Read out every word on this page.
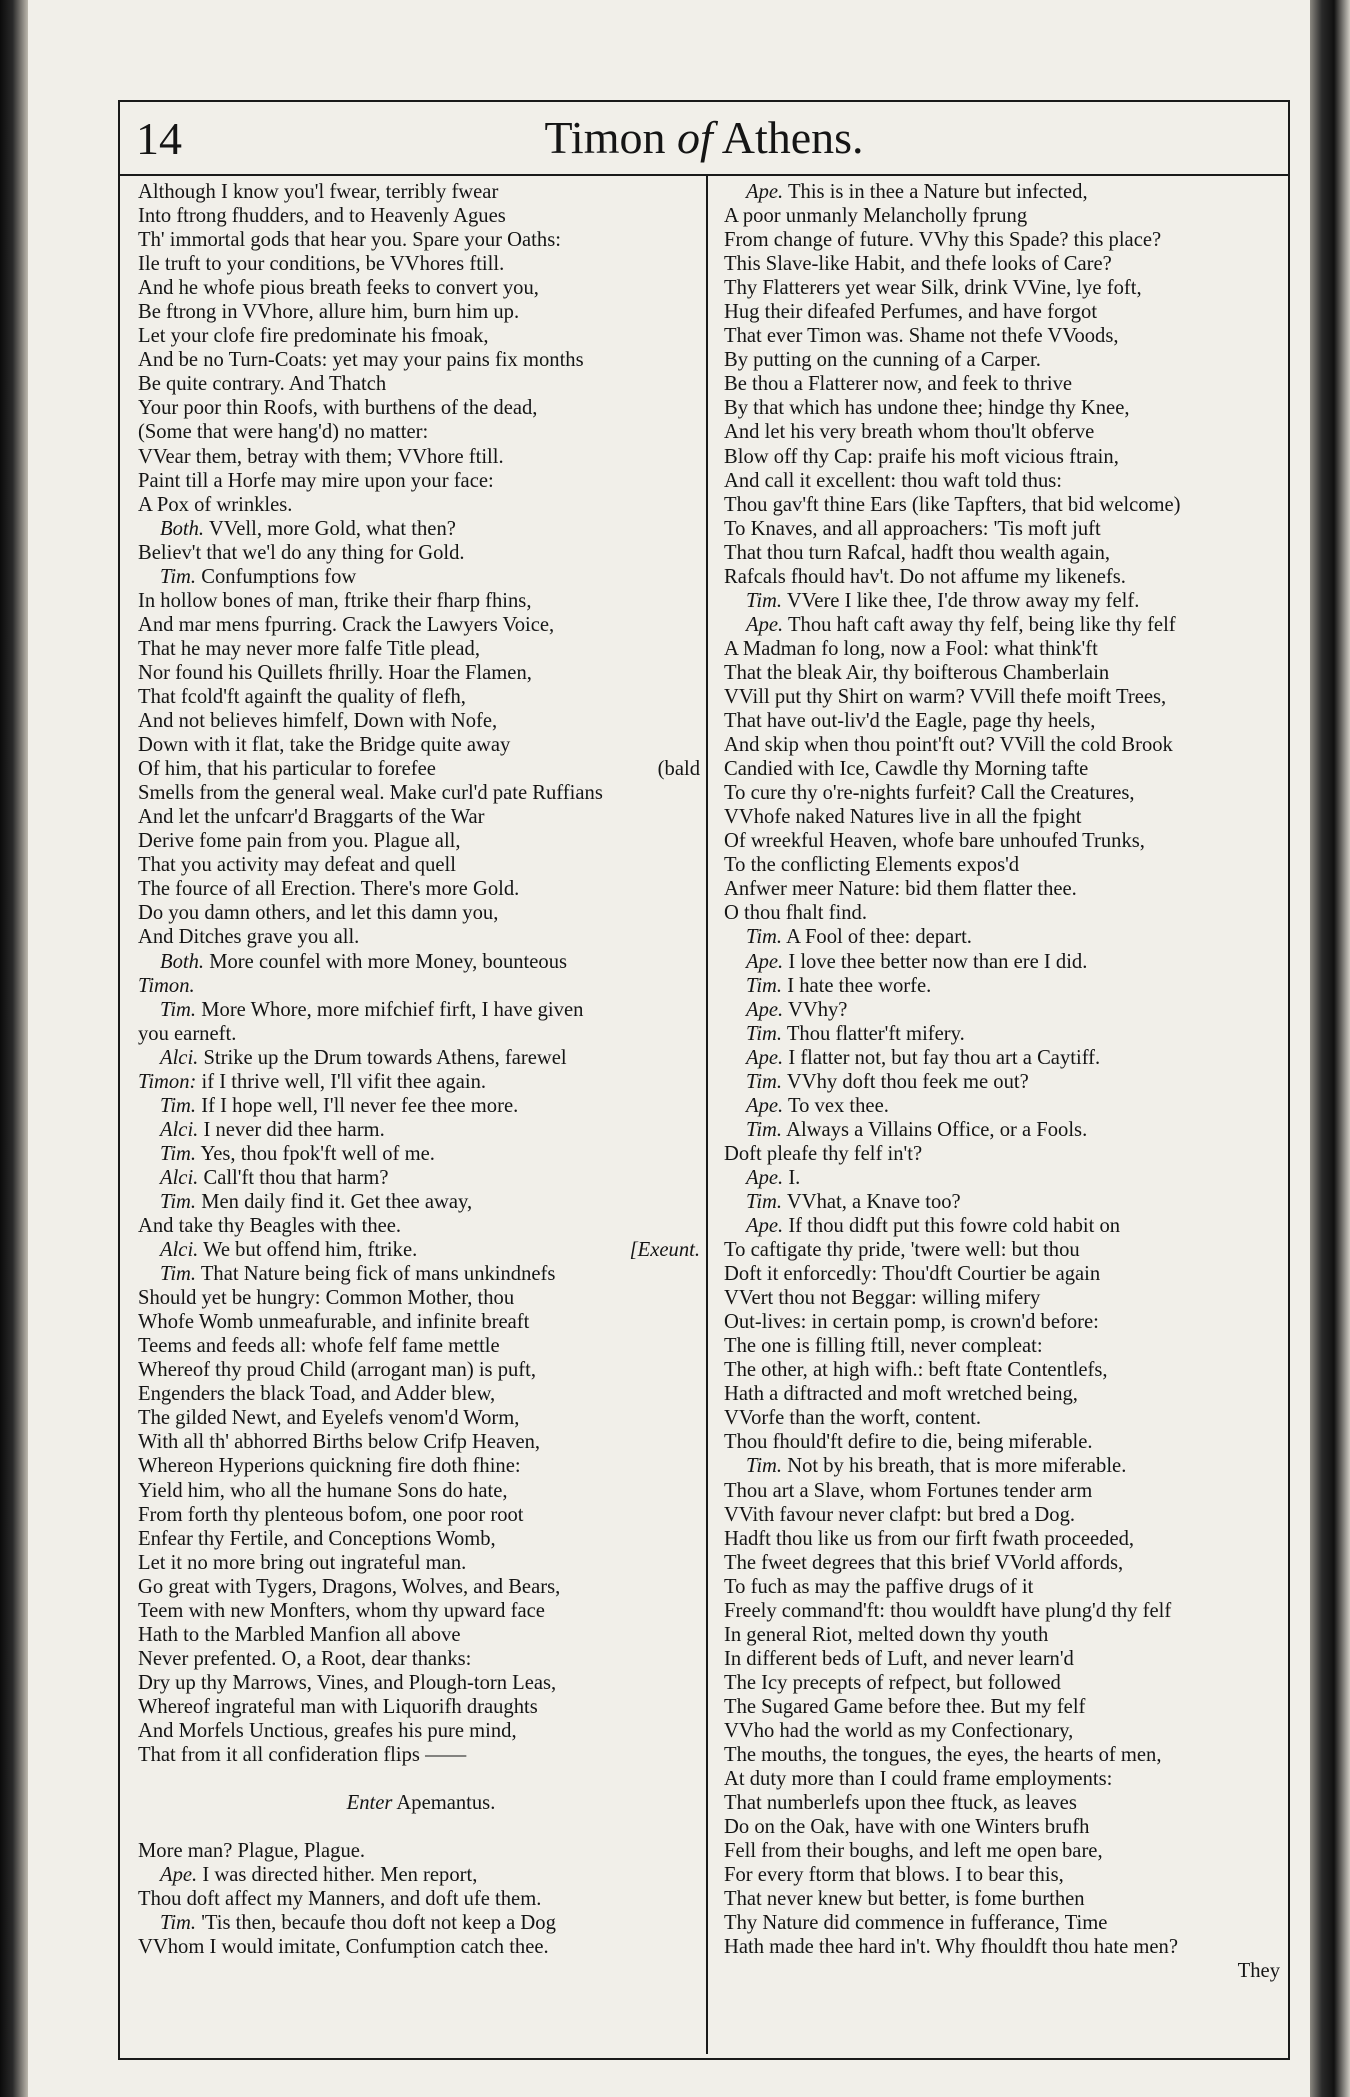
14	Timon of Athens.
Although I know you'l fwear, terribly fwear
Into ftrong fhudders, and to Heavenly Agues
Th' immortal gods that hear you. Spare your Oaths:
Ile truft to your conditions, be VVhores ftill.
And he whofe pious breath feeks to convert you,
Be ftrong in VVhore, allure him, burn him up.
Let your clofe fire predominate his fmoak,
And be no Turn-Coats: yet may your pains fix months
Be quite contrary. And Thatch
Your poor thin Roofs, with burthens of the dead,
(Some that were hang'd) no matter:
VVear them, betray with them; VVhore ftill.
Paint till a Horfe may mire upon your face:
A Pox of wrinkles.
Both. VVell, more Gold, what then?
Believ't that we'l do any thing for Gold.
Tim. Confumptions fow
In hollow bones of man, ftrike their fharp fhins,
And mar mens fpurring. Crack the Lawyers Voice,
That he may never more falfe Title plead,
Nor found his Quillets fhrilly. Hoar the Flamen,
That fcold'ft againft the quality of flefh,
And not believes himfelf, Down with Nofe,
Down with it flat, take the Bridge quite away
Of him, that his particular to forefee	(bald
Smells from the general weal. Make curl'd pate Ruffians
And let the unfcarr'd Braggarts of the War
Derive fome pain from you. Plague all,
That you activity may defeat and quell
The fource of all Erection. There's more Gold.
Do you damn others, and let this damn you,
And Ditches grave you all.
Both. More counfel with more Money, bounteous
Timon.
Tim. More Whore, more mifchief firft, I have given
you earneft.
Alci. Strike up the Drum towards Athens, farewel
Timon: if I thrive well, I'll vifit thee again.
Tim. If I hope well, I'll never fee thee more.
Alci. I never did thee harm.
Tim. Yes, thou fpok'ft well of me.
Alci. Call'ft thou that harm?
Tim. Men daily find it. Get thee away,
And take thy Beagles with thee.
Alci. We but offend him, ftrike.	[Exeunt.
Tim. That Nature being fick of mans unkindnefs
Should yet be hungry: Common Mother, thou
Whofe Womb unmeafurable, and infinite breaft
Teems and feeds all: whofe felf fame mettle
Whereof thy proud Child (arrogant man) is puft,
Engenders the black Toad, and Adder blew,
The gilded Newt, and Eyelefs venom'd Worm,
With all th' abhorred Births below Crifp Heaven,
Whereon Hyperions quickning fire doth fhine:
Yield him, who all the humane Sons do hate,
From forth thy plenteous bofom, one poor root
Enfear thy Fertile, and Conceptions Womb,
Let it no more bring out ingrateful man.
Go great with Tygers, Dragons, Wolves, and Bears,
Teem with new Monfters, whom thy upward face
Hath to the Marbled Manfion all above
Never prefented. O, a Root, dear thanks:
Dry up thy Marrows, Vines, and Plough-torn Leas,
Whereof ingrateful man with Liquorifh draughts
And Morfels Unctious, greafes his pure mind,
That from it all confideration flips ——
Enter Apemantus.
More man? Plague, Plague.
Ape. I was directed hither. Men report,
Thou doft affect my Manners, and doft ufe them.
Tim. 'Tis then, becaufe thou doft not keep a Dog
VVhom I would imitate, Confumption catch thee.
Ape. This is in thee a Nature but infected,
A poor unmanly Melancholly fprung
From change of future. VVhy this Spade? this place?
This Slave-like Habit, and thefe looks of Care?
Thy Flatterers yet wear Silk, drink VVine, lye foft,
Hug their difeafed Perfumes, and have forgot
That ever Timon was. Shame not thefe VVoods,
By putting on the cunning of a Carper.
Be thou a Flatterer now, and feek to thrive
By that which has undone thee; hindge thy Knee,
And let his very breath whom thou'lt obferve
Blow off thy Cap: praife his moft vicious ftrain,
And call it excellent: thou waft told thus:
Thou gav'ft thine Ears (like Tapfters, that bid welcome)
To Knaves, and all approachers: 'Tis moft juft
That thou turn Rafcal, hadft thou wealth again,
Rafcals fhould hav't. Do not affume my likenefs.
Tim. VVere I like thee, I'de throw away my felf.
Ape. Thou haft caft away thy felf, being like thy felf
A Madman fo long, now a Fool: what think'ft
That the bleak Air, thy boifterous Chamberlain
VVill put thy Shirt on warm? VVill thefe moift Trees,
That have out-liv'd the Eagle, page thy heels,
And skip when thou point'ft out? VVill the cold Brook
Candied with Ice, Cawdle thy Morning tafte
To cure thy o're-nights furfeit? Call the Creatures,
VVhofe naked Natures live in all the fpight
Of wreekful Heaven, whofe bare unhoufed Trunks,
To the conflicting Elements expos'd
Anfwer meer Nature: bid them flatter thee.
O thou fhalt find.
Tim. A Fool of thee: depart.
Ape. I love thee better now than ere I did.
Tim. I hate thee worfe.
Ape. VVhy?
Tim. Thou flatter'ft mifery.
Ape. I flatter not, but fay thou art a Caytiff.
Tim. VVhy doft thou feek me out?
Ape. To vex thee.
Tim. Always a Villains Office, or a Fools.
Doft pleafe thy felf in't?
Ape. I.
Tim. VVhat, a Knave too?
Ape. If thou didft put this fowre cold habit on
To caftigate thy pride, 'twere well: but thou
Doft it enforcedly: Thou'dft Courtier be again
VVert thou not Beggar: willing mifery
Out-lives: in certain pomp, is crown'd before:
The one is filling ftill, never compleat:
The other, at high wifh.: beft ftate Contentlefs,
Hath a diftracted and moft wretched being,
VVorfe than the worft, content.
Thou fhould'ft defire to die, being miferable.
Tim. Not by his breath, that is more miferable.
Thou art a Slave, whom Fortunes tender arm
VVith favour never clafpt: but bred a Dog.
Hadft thou like us from our firft fwath proceeded,
The fweet degrees that this brief VVorld affords,
To fuch as may the paffive drugs of it
Freely command'ft: thou wouldft have plung'd thy felf
In general Riot, melted down thy youth
In different beds of Luft, and never learn'd
The Icy precepts of refpect, but followed
The Sugared Game before thee. But my felf
VVho had the world as my Confectionary,
The mouths, the tongues, the eyes, the hearts of men,
At duty more than I could frame employments:
That numberlefs upon thee ftuck, as leaves
Do on the Oak, have with one Winters brufh
Fell from their boughs, and left me open bare,
For every ftorm that blows. I to bear this,
That never knew but better, is fome burthen
Thy Nature did commence in fufferance, Time
Hath made thee hard in't. Why fhouldft thou hate men?
They
